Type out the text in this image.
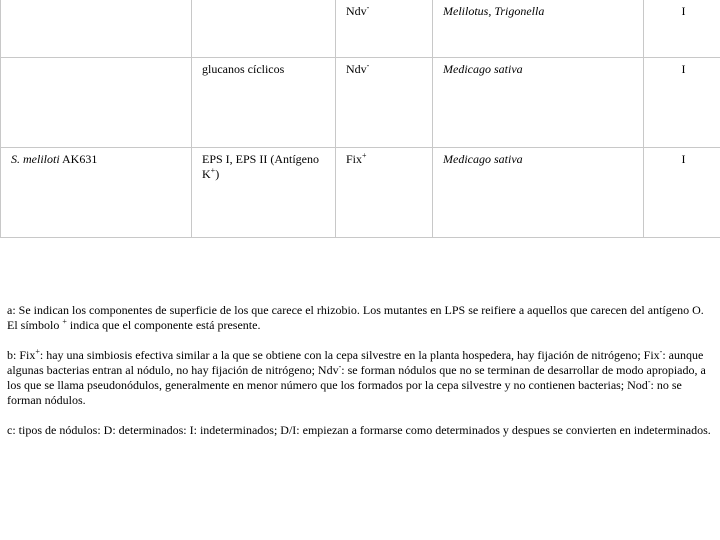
		Ndv-	Melilotus, Trigonella	I
	glucanos cíclicos	Ndv-	Medicago sativa	I
S. meliloti AK631	EPS I, EPS II (Antígeno K+)	Fix+	Medicago sativa	I

a: Se indican los componentes de superficie de los que carece el rhizobio. Los mutantes en LPS se reifiere a aquellos que carecen del antígeno O. El símbolo + indica que el componente está presente.

b: Fix+: hay una simbiosis efectiva similar a la que se obtiene con la cepa silvestre en la planta hospedera, hay fijación de nitrógeno; Fix-: aunque algunas bacterias entran al nódulo, no hay fijación de nitrógeno; Ndv-: se forman nódulos que no se terminan de desarrollar de modo apropiado, a los que se llama pseudonódulos, generalmente en menor número que los formados por la cepa silvestre y no contienen bacterias; Nod-: no se forman nódulos.

c: tipos de nódulos: D: determinados: I: indeterminados; D/I: empiezan a formarse como determinados y despues se convierten en indeterminados.
